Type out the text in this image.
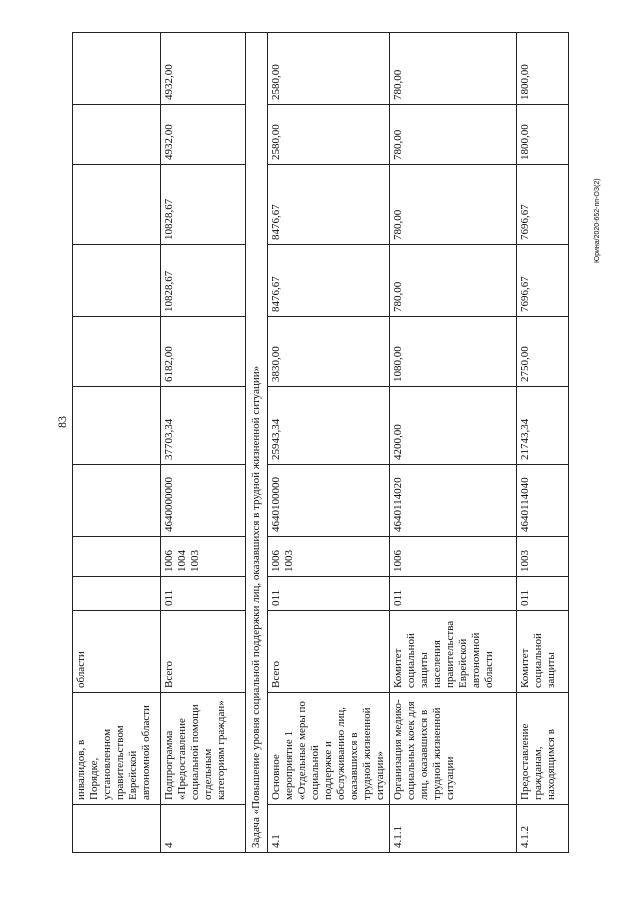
83
Юрина/2020-652-пп-ОЗ(2)
	инвалидов, в Порядке, установленном правительством Еврейской автономной области	области									
4	Подпрограмма «Предоставление социальной помощи отдельным категориям граждан»	Всего	011	1006 1004 1003	4640000000	37703,34	6182,00	10828,67	10828,67	4932,00	4932,00
Задача «Повышение уровня социальной поддержки лиц, оказавшихся в трудной жизненной ситуации»											
4.1	Основное мероприятие 1 «Отдельные меры по социальной поддержке и обслуживанию лиц, оказавшихся в трудной жизненной ситуации»	Всего	011	1006 1003	4640100000	25943,34	3830,00	8476,67	8476,67	2580,00	2580,00
4.1.1	Организация медико-социальных коек для лиц, оказавшихся в трудной жизненной ситуации	Комитет социальной защиты населения правительства Еврейской автономной области	011	1006	4640114020	4200,00	1080,00	780,00	780,00	780,00	780,00
4.1.2	Предоставление гражданам, находящимся в	Комитет социальной защиты	011	1003	4640114040	21743,34	2750,00	7696,67	7696,67	1800,00	1800,00
